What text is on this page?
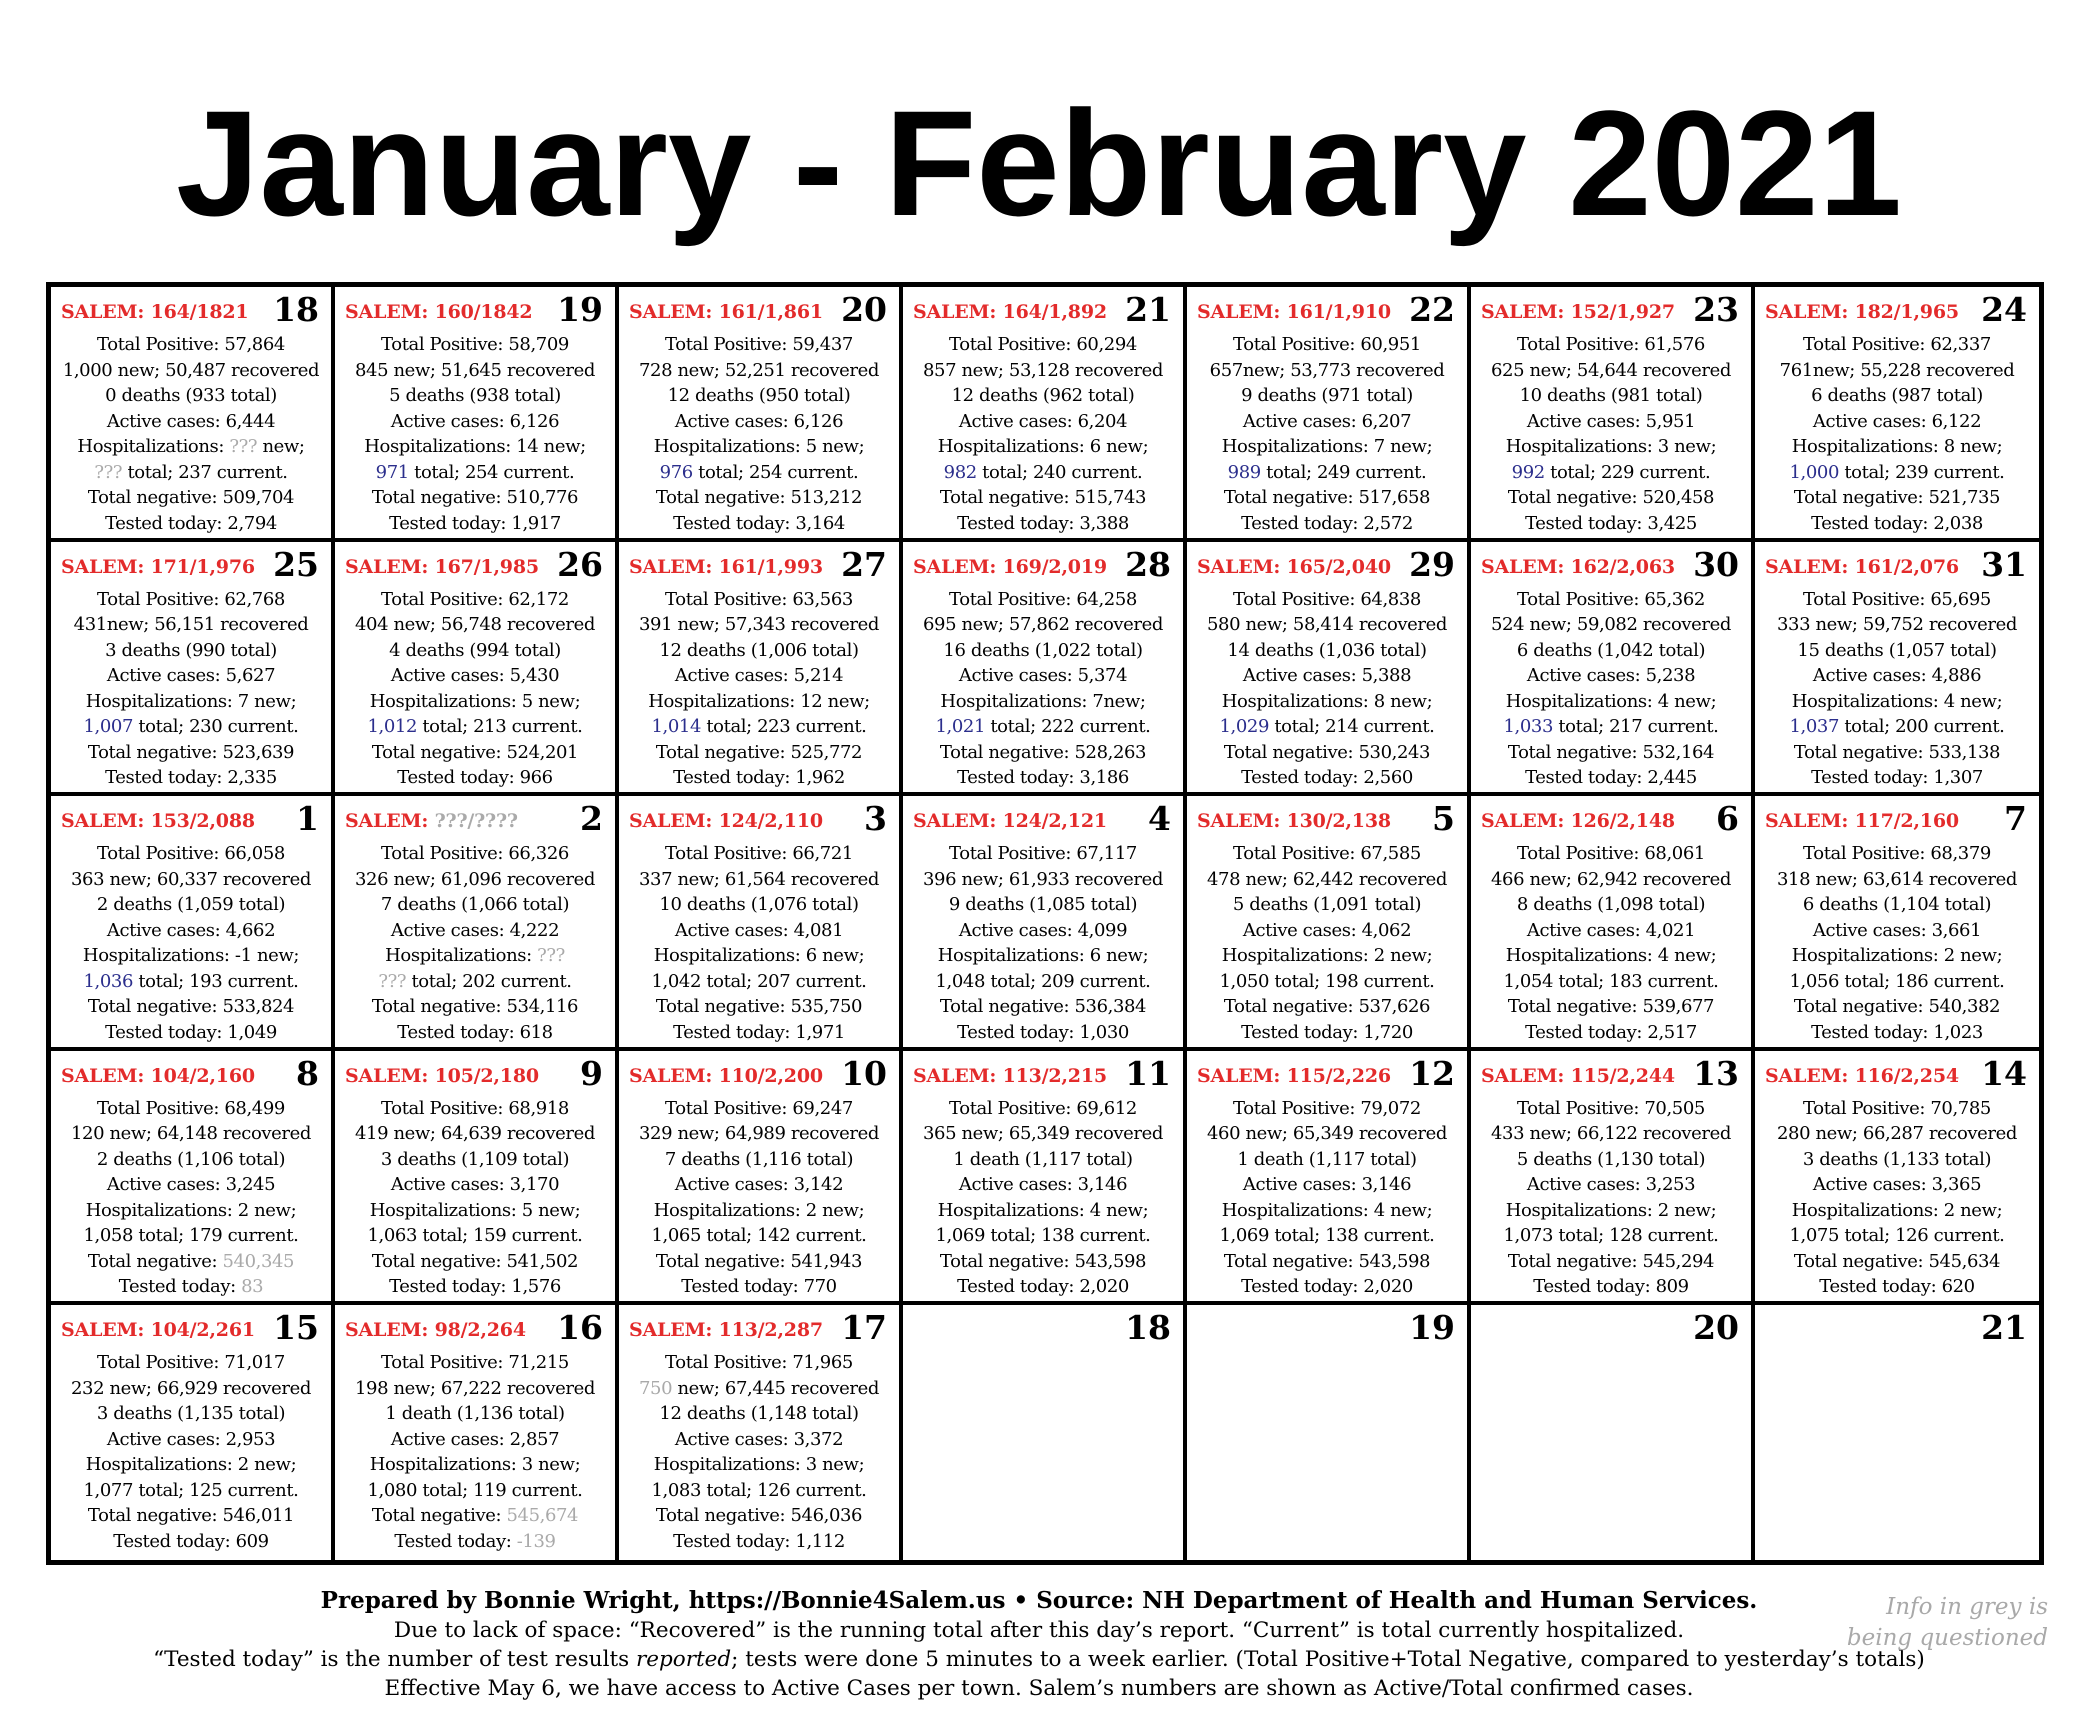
January - February 2021
18
SALEM: 164/1821
Total Positive: 57,864
1,000 new; 50,487 recovered
0 deaths (933 total)
Active cases: 6,444
Hospitalizations: ??? new;
??? total; 237 current.
Total negative: 509,704
Tested today: 2,794
19
SALEM: 160/1842
Total Positive: 58,709
845 new; 51,645 recovered
5 deaths (938 total)
Active cases: 6,126
Hospitalizations: 14 new;
971 total; 254 current.
Total negative: 510,776
Tested today: 1,917
20
SALEM: 161/1,861
Total Positive: 59,437
728 new; 52,251 recovered
12 deaths (950 total)
Active cases: 6,126
Hospitalizations: 5 new;
976 total; 254 current.
Total negative: 513,212
Tested today: 3,164
21
SALEM: 164/1,892
Total Positive: 60,294
857 new; 53,128 recovered
12 deaths (962 total)
Active cases: 6,204
Hospitalizations: 6 new;
982 total; 240 current.
Total negative: 515,743
Tested today: 3,388
22
SALEM: 161/1,910
Total Positive: 60,951
657new; 53,773 recovered
9 deaths (971 total)
Active cases: 6,207
Hospitalizations: 7 new;
989 total; 249 current.
Total negative: 517,658
Tested today: 2,572
23
SALEM: 152/1,927
Total Positive: 61,576
625 new; 54,644 recovered
10 deaths (981 total)
Active cases: 5,951
Hospitalizations: 3 new;
992 total; 229 current.
Total negative: 520,458
Tested today: 3,425
24
SALEM: 182/1,965
Total Positive: 62,337
761new; 55,228 recovered
6 deaths (987 total)
Active cases: 6,122
Hospitalizations: 8 new;
1,000 total; 239 current.
Total negative: 521,735
Tested today: 2,038
25
SALEM: 171/1,976
Total Positive: 62,768
431new; 56,151 recovered
3 deaths (990 total)
Active cases: 5,627
Hospitalizations: 7 new;
1,007 total; 230 current.
Total negative: 523,639
Tested today: 2,335
26
SALEM: 167/1,985
Total Positive: 62,172
404 new; 56,748 recovered
4 deaths (994 total)
Active cases: 5,430
Hospitalizations: 5 new;
1,012 total; 213 current.
Total negative: 524,201
Tested today: 966
27
SALEM: 161/1,993
Total Positive: 63,563
391 new; 57,343 recovered
12 deaths (1,006 total)
Active cases: 5,214
Hospitalizations: 12 new;
1,014 total; 223 current.
Total negative: 525,772
Tested today: 1,962
28
SALEM: 169/2,019
Total Positive: 64,258
695 new; 57,862 recovered
16 deaths (1,022 total)
Active cases: 5,374
Hospitalizations: 7new;
1,021 total; 222 current.
Total negative: 528,263
Tested today: 3,186
29
SALEM: 165/2,040
Total Positive: 64,838
580 new; 58,414 recovered
14 deaths (1,036 total)
Active cases: 5,388
Hospitalizations: 8 new;
1,029 total; 214 current.
Total negative: 530,243
Tested today: 2,560
30
SALEM: 162/2,063
Total Positive: 65,362
524 new; 59,082 recovered
6 deaths (1,042 total)
Active cases: 5,238
Hospitalizations: 4 new;
1,033 total; 217 current.
Total negative: 532,164
Tested today: 2,445
31
SALEM: 161/2,076
Total Positive: 65,695
333 new; 59,752 recovered
15 deaths (1,057 total)
Active cases: 4,886
Hospitalizations: 4 new;
1,037 total; 200 current.
Total negative: 533,138
Tested today: 1,307
1
SALEM: 153/2,088
Total Positive: 66,058
363 new; 60,337 recovered
2 deaths (1,059 total)
Active cases: 4,662
Hospitalizations: -1 new;
1,036 total; 193 current.
Total negative: 533,824
Tested today: 1,049
2
SALEM: ???/????
Total Positive: 66,326
326 new; 61,096 recovered
7 deaths (1,066 total)
Active cases: 4,222
Hospitalizations: ???
??? total; 202 current.
Total negative: 534,116
Tested today: 618
3
SALEM: 124/2,110
Total Positive: 66,721
337 new; 61,564 recovered
10 deaths (1,076 total)
Active cases: 4,081
Hospitalizations: 6 new;
1,042 total; 207 current.
Total negative: 535,750
Tested today: 1,971
4
SALEM: 124/2,121
Total Positive: 67,117
396 new; 61,933 recovered
9 deaths (1,085 total)
Active cases: 4,099
Hospitalizations: 6 new;
1,048 total; 209 current.
Total negative: 536,384
Tested today: 1,030
5
SALEM: 130/2,138
Total Positive: 67,585
478 new; 62,442 recovered
5 deaths (1,091 total)
Active cases: 4,062
Hospitalizations: 2 new;
1,050 total; 198 current.
Total negative: 537,626
Tested today: 1,720
6
SALEM: 126/2,148
Total Positive: 68,061
466 new; 62,942 recovered
8 deaths (1,098 total)
Active cases: 4,021
Hospitalizations: 4 new;
1,054 total; 183 current.
Total negative: 539,677
Tested today: 2,517
7
SALEM: 117/2,160
Total Positive: 68,379
318 new; 63,614 recovered
6 deaths (1,104 total)
Active cases: 3,661
Hospitalizations: 2 new;
1,056 total; 186 current.
Total negative: 540,382
Tested today: 1,023
8
SALEM: 104/2,160
Total Positive: 68,499
120 new; 64,148 recovered
2 deaths (1,106 total)
Active cases: 3,245
Hospitalizations: 2 new;
1,058 total; 179 current.
Total negative: 540,345
Tested today: 83
9
SALEM: 105/2,180
Total Positive: 68,918
419 new; 64,639 recovered
3 deaths (1,109 total)
Active cases: 3,170
Hospitalizations: 5 new;
1,063 total; 159 current.
Total negative: 541,502
Tested today: 1,576
10
SALEM: 110/2,200
Total Positive: 69,247
329 new; 64,989 recovered
7 deaths (1,116 total)
Active cases: 3,142
Hospitalizations: 2 new;
1,065 total; 142 current.
Total negative: 541,943
Tested today: 770
11
SALEM: 113/2,215
Total Positive: 69,612
365 new; 65,349 recovered
1 death (1,117 total)
Active cases: 3,146
Hospitalizations: 4 new;
1,069 total; 138 current.
Total negative: 543,598
Tested today: 2,020
12
SALEM: 115/2,226
Total Positive: 79,072
460 new; 65,349 recovered
1 death (1,117 total)
Active cases: 3,146
Hospitalizations: 4 new;
1,069 total; 138 current.
Total negative: 543,598
Tested today: 2,020
13
SALEM: 115/2,244
Total Positive: 70,505
433 new; 66,122 recovered
5 deaths (1,130 total)
Active cases: 3,253
Hospitalizations: 2 new;
1,073 total; 128 current.
Total negative: 545,294
Tested today: 809
14
SALEM: 116/2,254
Total Positive: 70,785
280 new; 66,287 recovered
3 deaths (1,133 total)
Active cases: 3,365
Hospitalizations: 2 new;
1,075 total; 126 current.
Total negative: 545,634
Tested today: 620
15
SALEM: 104/2,261
Total Positive: 71,017
232 new; 66,929 recovered
3 deaths (1,135 total)
Active cases: 2,953
Hospitalizations: 2 new;
1,077 total; 125 current.
Total negative: 546,011
Tested today: 609
16
SALEM: 98/2,264
Total Positive: 71,215
198 new; 67,222 recovered
1 death (1,136 total)
Active cases: 2,857
Hospitalizations: 3 new;
1,080 total; 119 current.
Total negative: 545,674
Tested today: -139
17
SALEM: 113/2,287
Total Positive: 71,965
750 new; 67,445 recovered
12 deaths (1,148 total)
Active cases: 3,372
Hospitalizations: 3 new;
1,083 total; 126 current.
Total negative: 546,036
Tested today: 1,112
18	19	20	21
Prepared by Bonnie Wright, https://Bonnie4Salem.us • Source: NH Department of Health and Human Services.
Due to lack of space: “Recovered” is the running total after this day’s report. “Current” is total currently hospitalized.
“Tested today” is the number of test results reported; tests were done 5 minutes to a week earlier. (Total Positive+Total Negative, compared to yesterday’s totals)
Effective May 6, we have access to Active Cases per town. Salem’s numbers are shown as Active/Total confirmed cases.
Info in grey is
being questioned
